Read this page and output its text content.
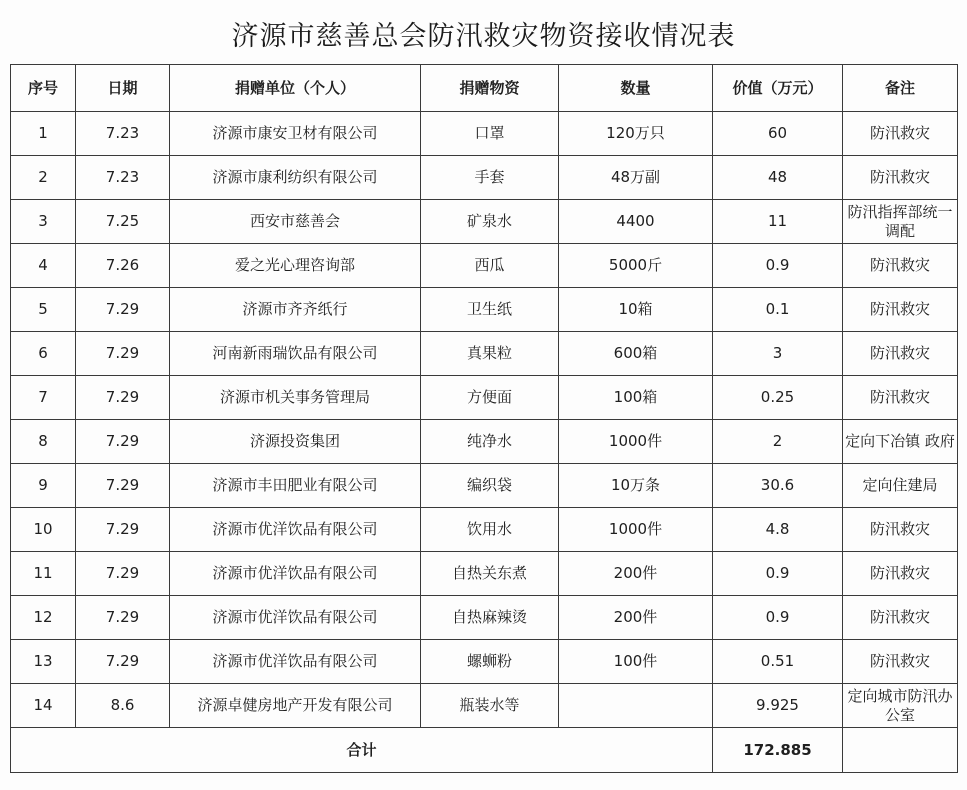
济源市慈善总会防汛救灾物资接收情况表
序号	日期	捐赠单位（个人）	捐赠物资	数量	价值（万元）	备注
1	7.23	济源市康安卫材有限公司	口罩	120万只	60	防汛救灾
2	7.23	济源市康利纺织有限公司	手套	48万副	48	防汛救灾
3	7.25	西安市慈善会	矿泉水	4400	11	防汛指挥部统一调配
4	7.26	爱之光心理咨询部	西瓜	5000斤	0.9	防汛救灾
5	7.29	济源市齐齐纸行	卫生纸	10箱	0.1	防汛救灾
6	7.29	河南新雨瑞饮品有限公司	真果粒	600箱	3	防汛救灾
7	7.29	济源市机关事务管理局	方便面	100箱	0.25	防汛救灾
8	7.29	济源投资集团	纯净水	1000件	2	定向下冶镇 政府
9	7.29	济源市丰田肥业有限公司	编织袋	10万条	30.6	定向住建局
10	7.29	济源市优洋饮品有限公司	饮用水	1000件	4.8	防汛救灾
11	7.29	济源市优洋饮品有限公司	自热关东煮	200件	0.9	防汛救灾
12	7.29	济源市优洋饮品有限公司	自热麻辣烫	200件	0.9	防汛救灾
13	7.29	济源市优洋饮品有限公司	螺蛳粉	100件	0.51	防汛救灾
14	8.6	济源卓健房地产开发有限公司	瓶装水等		9.925	定向城市防汛办公室
合计					172.885	
